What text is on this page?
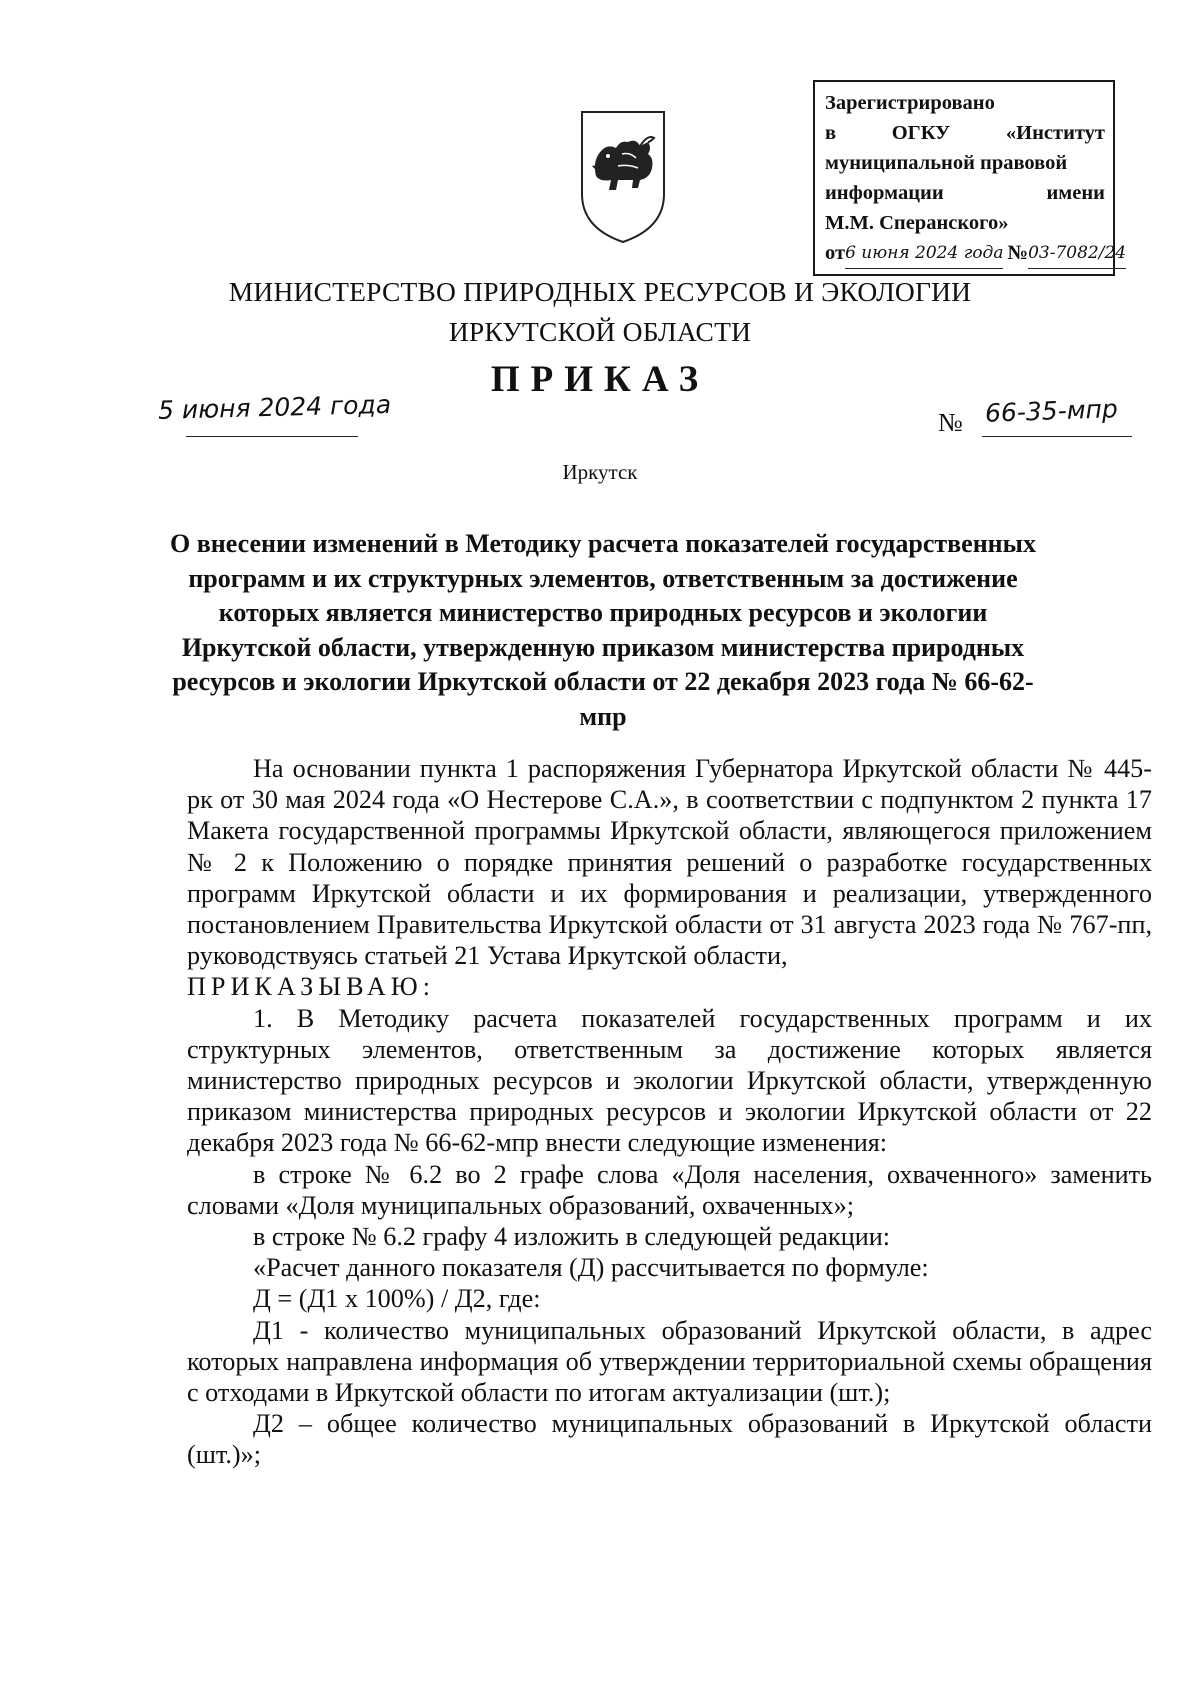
Зарегистрировано
в	ОГКУ	«Институт
муниципальной правовой
информации	имени
М.М. Сперанского»
от 6 июня 2024 года № 03-7082/24
МИНИСТЕРСТВО ПРИРОДНЫХ РЕСУРСОВ И ЭКОЛОГИИ
ИРКУТСКОЙ ОБЛАСТИ
ПРИКАЗ
5 июня 2024 года	№ 66-35-мпр
Иркутск
О внесении изменений в Методику расчета показателей государственных программ и их структурных элементов, ответственным за достижение которых является министерство природных ресурсов и экологии Иркутской области, утвержденную приказом министерства природных ресурсов и экологии Иркутской области от 22 декабря 2023 года № 66-62-мпр

На основании пункта 1 распоряжения Губернатора Иркутской области № 445-рк от 30 мая 2024 года «О Нестерове С.А.», в соответствии с подпунктом 2 пункта 17 Макета государственной программы Иркутской области, являющегося приложением № 2 к Положению о порядке принятия решений о разработке государственных программ Иркутской области и их формирования и реализации, утвержденного постановлением Правительства Иркутской области от 31 августа 2023 года № 767-пп, руководствуясь статьей 21 Устава Иркутской области,

ПРИКАЗЫВАЮ:

1. В Методику расчета показателей государственных программ и их структурных элементов, ответственным за достижение которых является министерство природных ресурсов и экологии Иркутской области, утвержденную приказом министерства природных ресурсов и экологии Иркутской области от 22 декабря 2023 года № 66-62-мпр внести следующие изменения:

в строке № 6.2 во 2 графе слова «Доля населения, охваченного» заменить словами «Доля муниципальных образований, охваченных»;

в строке № 6.2 графу 4 изложить в следующей редакции:

«Расчет данного показателя (Д) рассчитывается по формуле:

Д = (Д1 х 100%) / Д2, где:

Д1 - количество муниципальных образований Иркутской области, в адрес которых направлена информация об утверждении территориальной схемы обращения с отходами в Иркутской области по итогам актуализации (шт.);

Д2 – общее количество муниципальных образований в Иркутской области (шт.)»;
